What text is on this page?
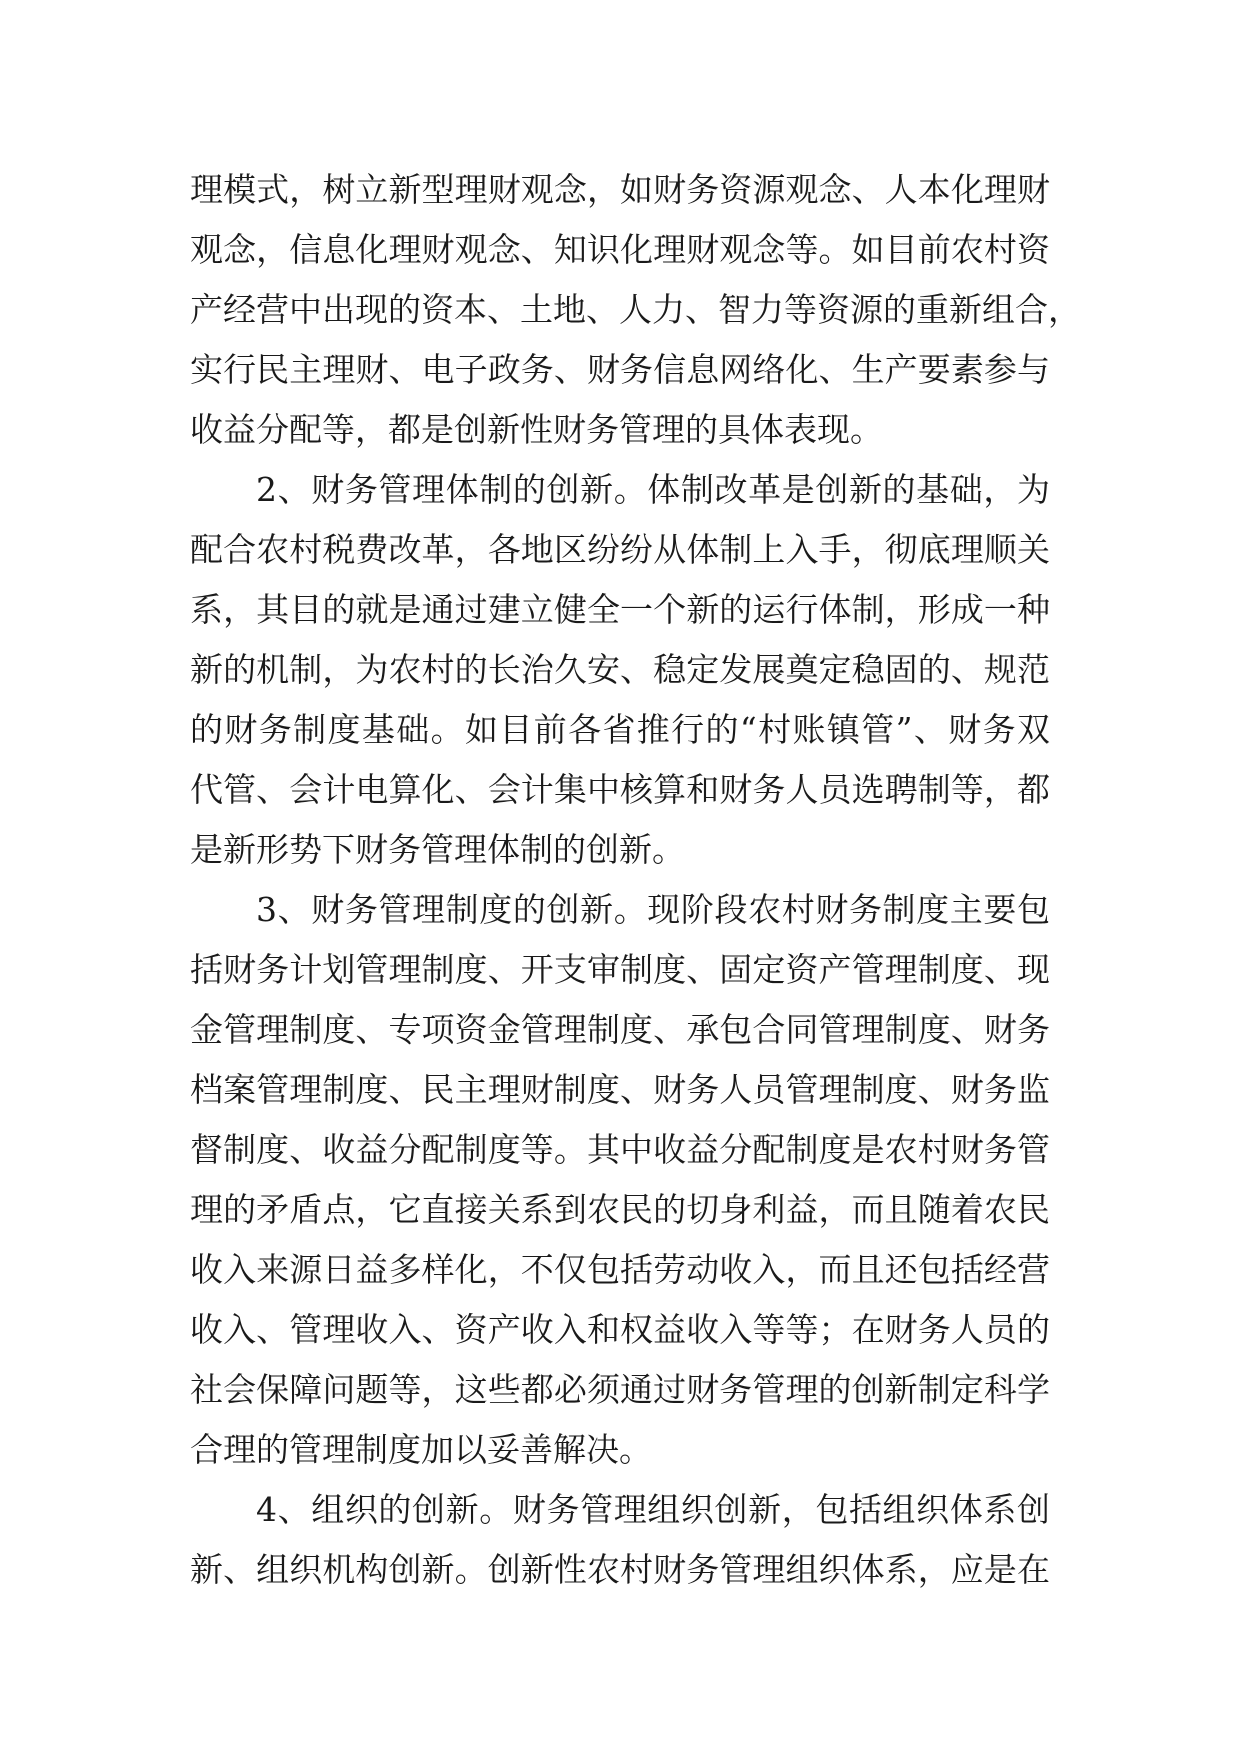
理模式，树立新型理财观念，如财务资源观念、人本化理财
观念，信息化理财观念、知识化理财观念等。如目前农村资
产经营中出现的资本、土地、人力、智力等资源的重新组合，
实行民主理财、电子政务、财务信息网络化、生产要素参与
收益分配等，都是创新性财务管理的具体表现。
2、财务管理体制的创新。体制改革是创新的基础，为
配合农村税费改革，各地区纷纷从体制上入手，彻底理顺关
系，其目的就是通过建立健全一个新的运行体制，形成一种
新的机制，为农村的长治久安、稳定发展奠定稳固的、规范
的财务制度基础。如目前各省推行的“村账镇管”、财务双
代管、会计电算化、会计集中核算和财务人员选聘制等，都
是新形势下财务管理体制的创新。
3、财务管理制度的创新。现阶段农村财务制度主要包
括财务计划管理制度、开支审制度、固定资产管理制度、现
金管理制度、专项资金管理制度、承包合同管理制度、财务
档案管理制度、民主理财制度、财务人员管理制度、财务监
督制度、收益分配制度等。其中收益分配制度是农村财务管
理的矛盾点，它直接关系到农民的切身利益，而且随着农民
收入来源日益多样化，不仅包括劳动收入，而且还包括经营
收入、管理收入、资产收入和权益收入等等；在财务人员的
社会保障问题等，这些都必须通过财务管理的创新制定科学
合理的管理制度加以妥善解决。
4、组织的创新。财务管理组织创新，包括组织体系创
新、组织机构创新。创新性农村财务管理组织体系，应是在
